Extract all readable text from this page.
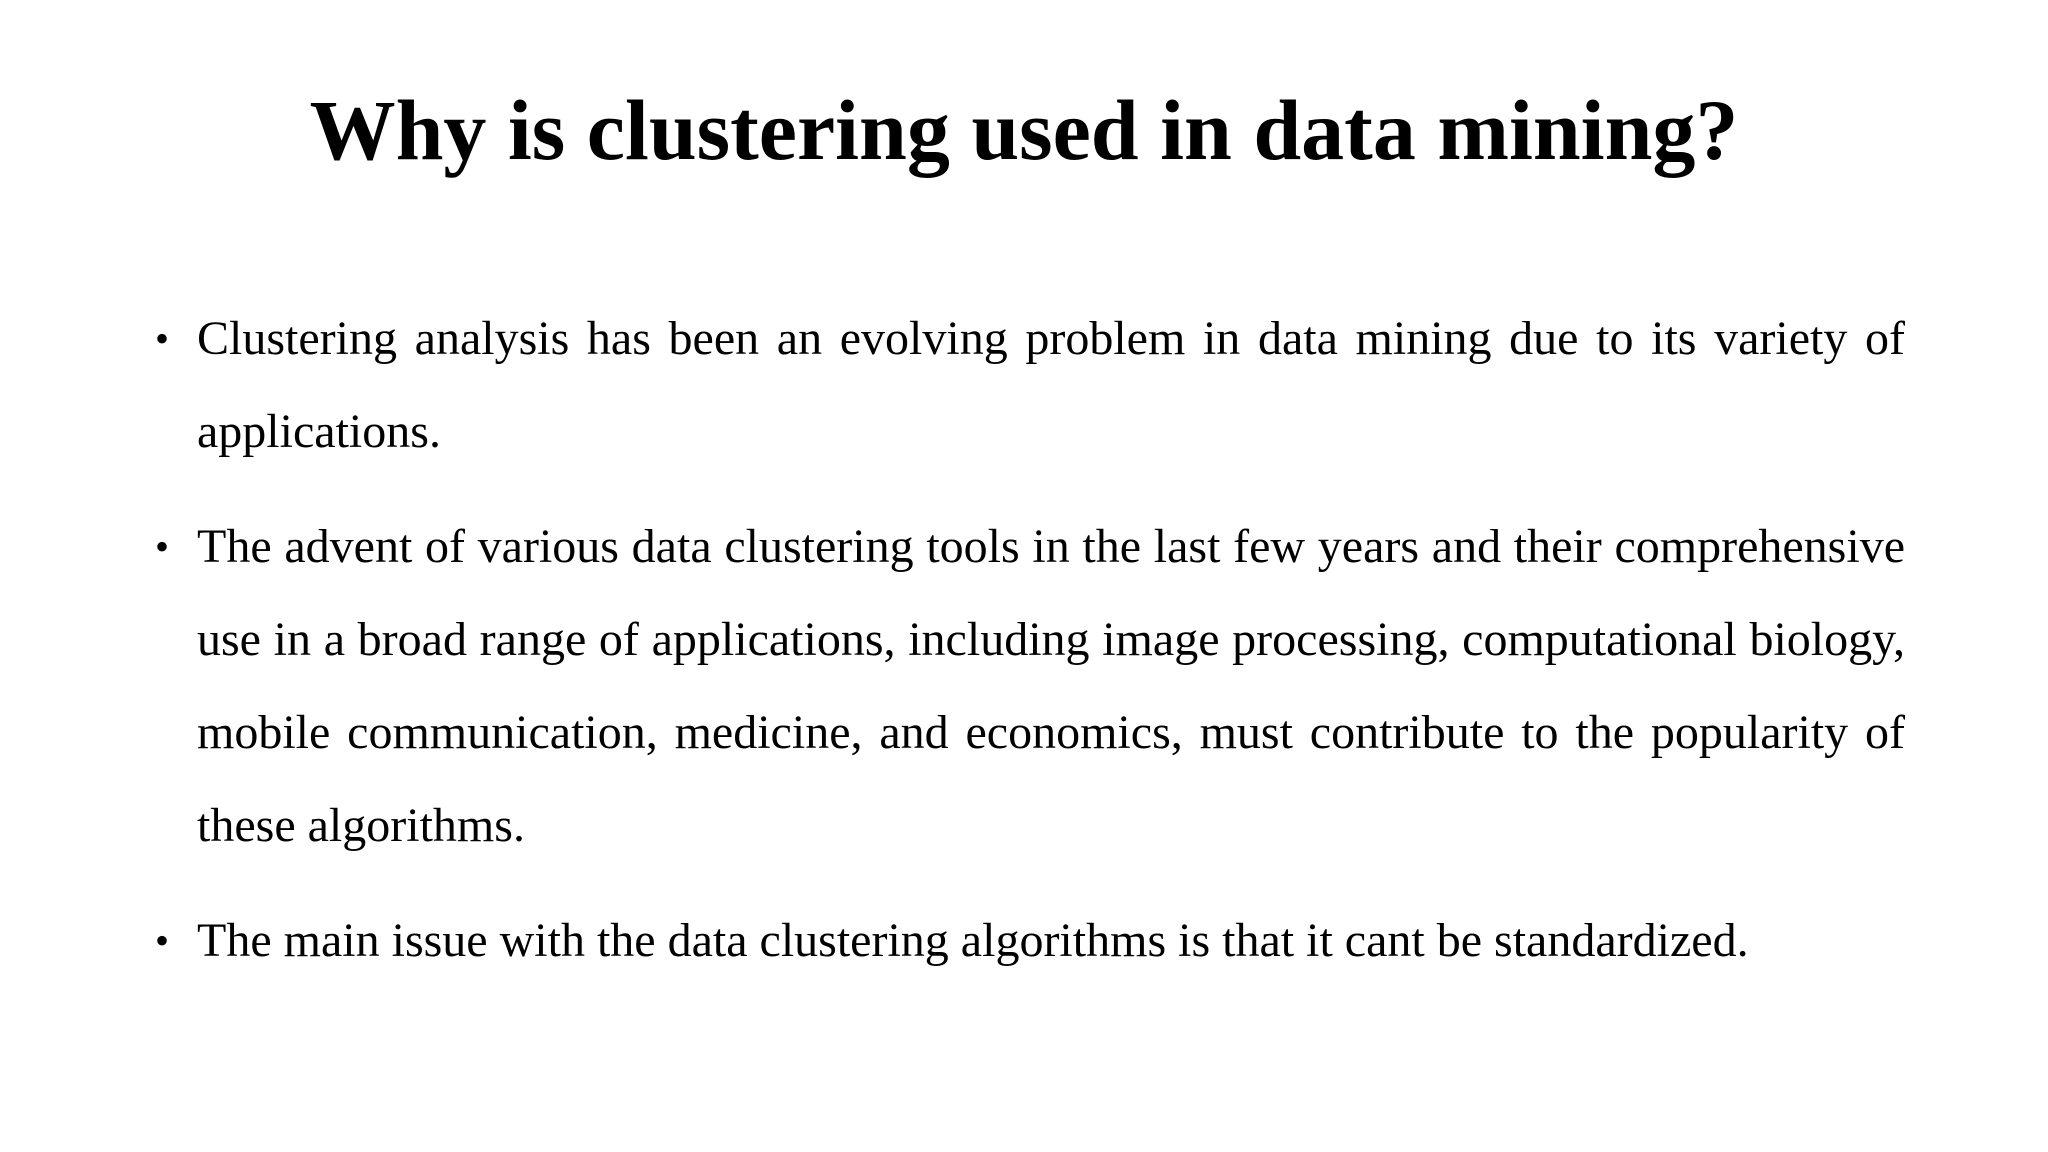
Why is clustering used in data mining?
• Clustering analysis has been an evolving problem in data mining due to its variety of applications.
• The advent of various data clustering tools in the last few years and their comprehensive use in a broad range of applications, including image processing, computational biology, mobile communication, medicine, and economics, must contribute to the popularity of these algorithms.
• The main issue with the data clustering algorithms is that it cant be standardized.
